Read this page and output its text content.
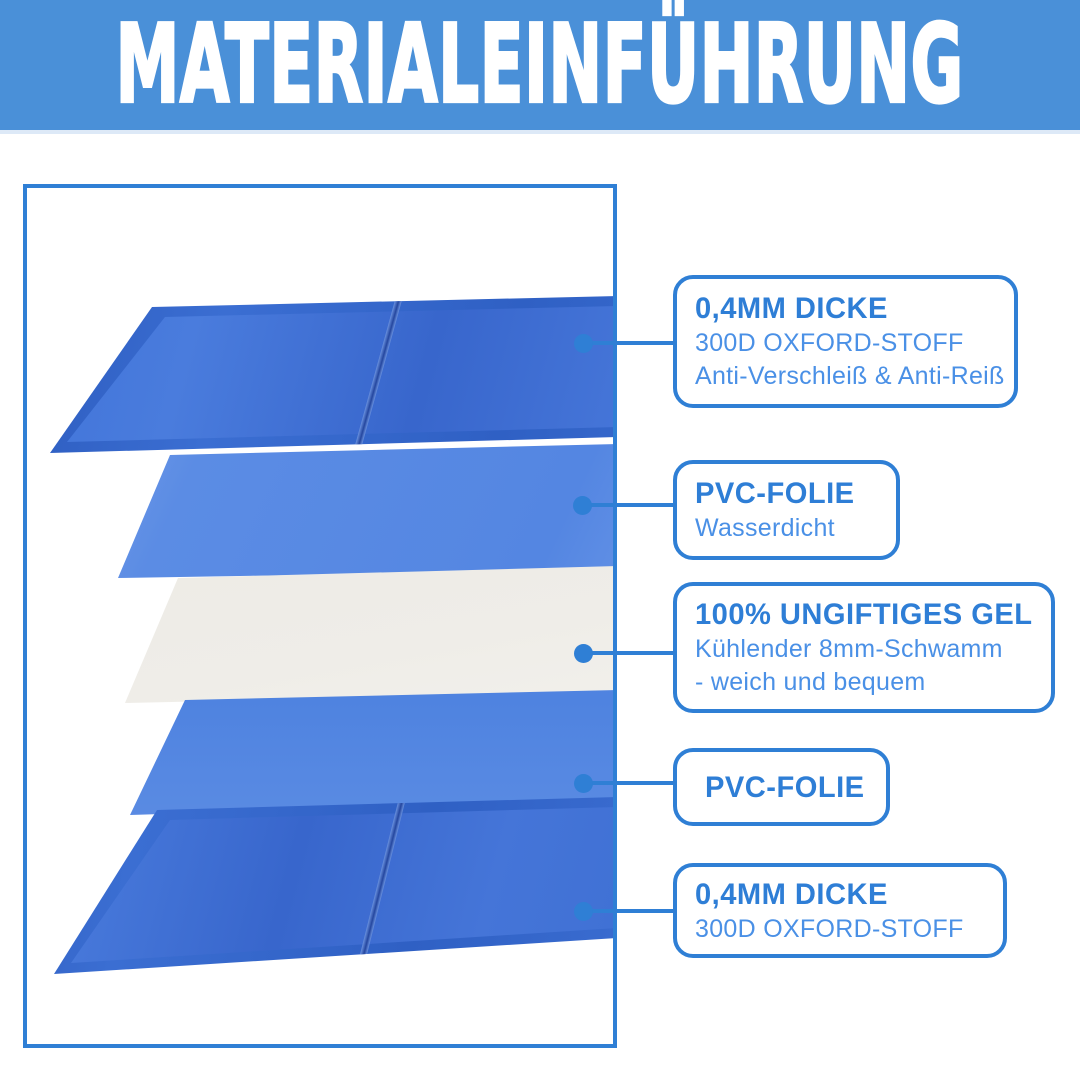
MATERIALEINFÜHRUNG
0,4MM DICKE
300D OXFORD-STOFF
Anti-Verschleiß & Anti-Reiß
PVC-FOLIE
Wasserdicht
100% UNGIFTIGES GEL
Kühlender 8mm-Schwamm
- weich und bequem
PVC-FOLIE
0,4MM DICKE
300D OXFORD-STOFF
